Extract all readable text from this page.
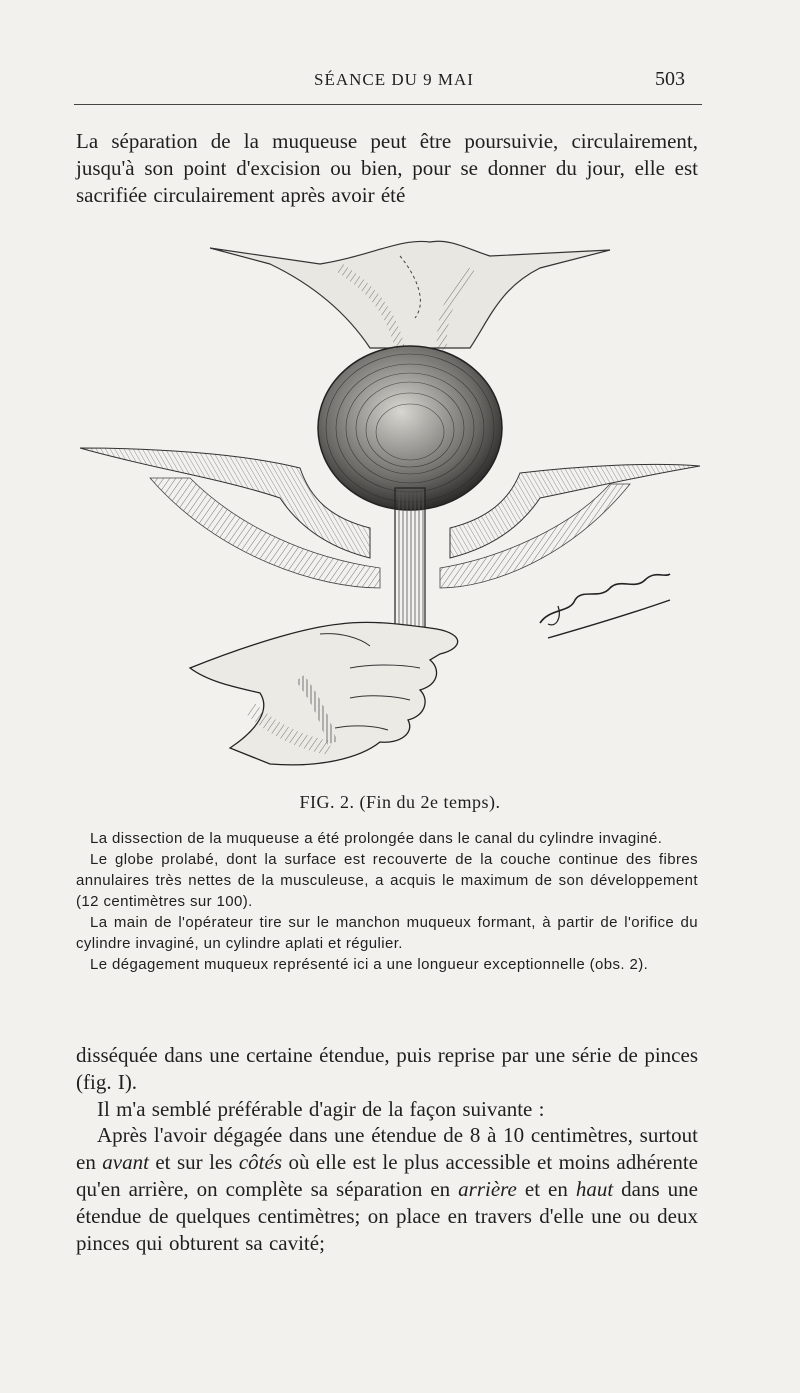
SÉANCE DU 9 MAI	503
La séparation de la muqueuse peut être poursuivie, circulairement, jusqu'à son point d'excision ou bien, pour se donner du jour, elle est sacrifiée circulairement après avoir été
FIG. 2. (Fin du 2e temps).

La dissection de la muqueuse a été prolongée dans le canal du cylindre invaginé.

Le globe prolabé, dont la surface est recouverte de la couche continue des fibres annulaires très nettes de la musculeuse, a acquis le maximum de son développement (12 centimètres sur 100).

La main de l'opérateur tire sur le manchon muqueux formant, à partir de l'orifice du cylindre invaginé, un cylindre aplati et régulier.

Le dégagement muqueux représenté ici a une longueur exceptionnelle (obs. 2).

disséquée dans une certaine étendue, puis reprise par une série de pinces (fig. I).
Il m'a semblé préférable d'agir de la façon suivante :
Après l'avoir dégagée dans une étendue de 8 à 10 centimètres, surtout en avant et sur les côtés où elle est le plus accessible et moins adhérente qu'en arrière, on complète sa séparation en arrière et en haut dans une étendue de quelques centimètres; on place en travers d'elle une ou deux pinces qui obturent sa cavité;
